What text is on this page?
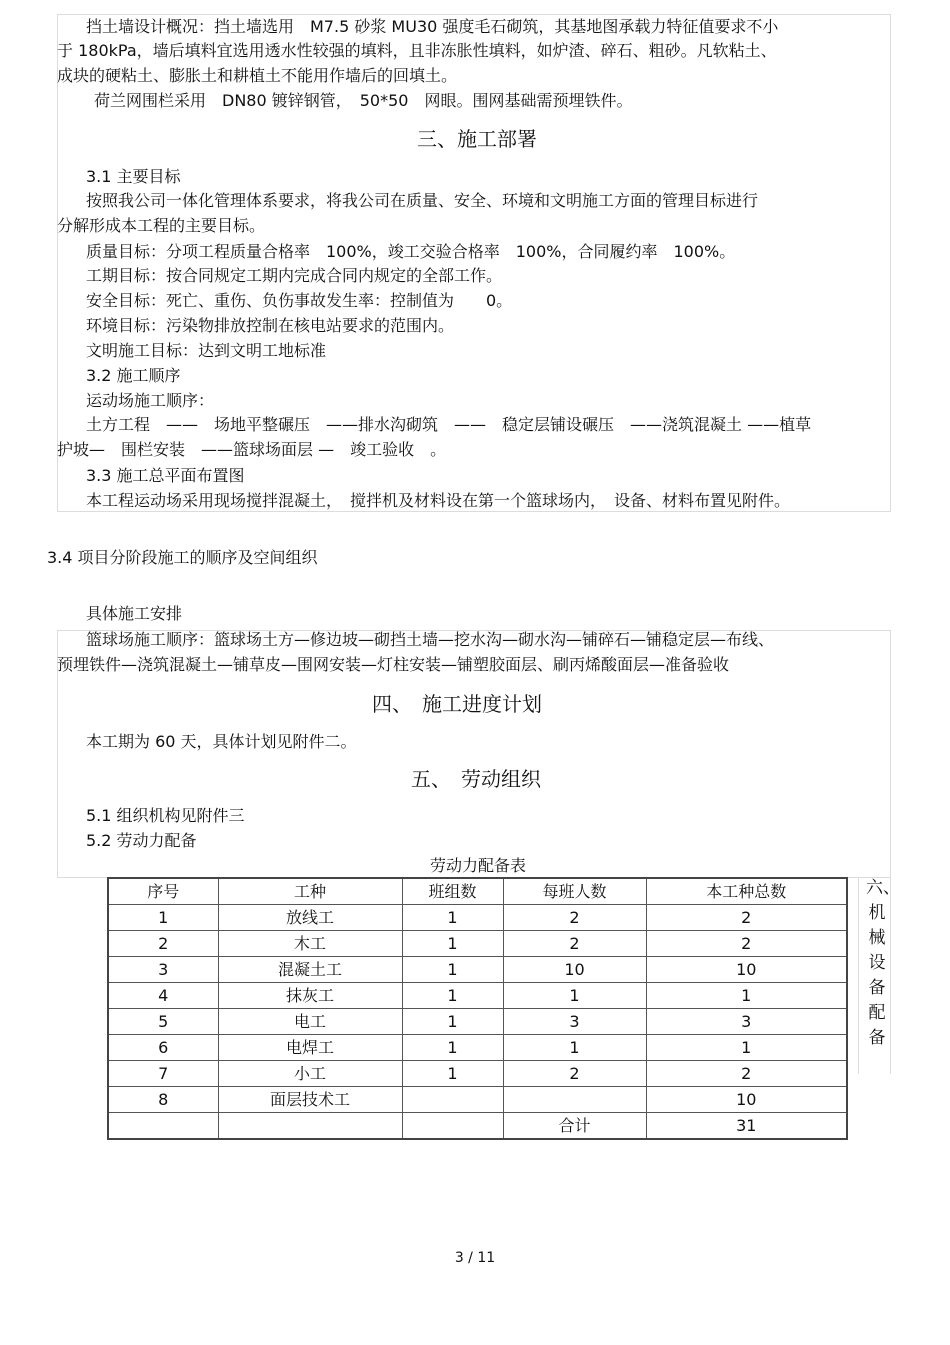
挡土墙设计概况：挡土墙选用　M7.5 砂浆 MU30 强度毛石砌筑，其基地图承载力特征值要求不小
于 180kPa，墙后填料宜选用透水性较强的填料，且非冻胀性填料，如炉渣、碎石、粗砂。凡软粘土、
成块的硬粘土、膨胀土和耕植土不能用作墙后的回填土。
荷兰网围栏采用　DN80 镀锌钢管，　50*50　网眼。围网基础需预埋铁件。
三、施工部署
3.1 主要目标
按照我公司一体化管理体系要求，将我公司在质量、安全、环境和文明施工方面的管理目标进行
分解形成本工程的主要目标。
质量目标：分项工程质量合格率　100%，竣工交验合格率　100%，合同履约率　100%。
工期目标：按合同规定工期内完成合同内规定的全部工作。
安全目标：死亡、重伤、负伤事故发生率：控制值为　　0。
环境目标：污染物排放控制在核电站要求的范围内。
文明施工目标：达到文明工地标准
3.2 施工顺序
运动场施工顺序：
土方工程　——　场地平整碾压　——排水沟砌筑　——　稳定层铺设碾压　——浇筑混凝土 ——植草
护坡—　围栏安装　——篮球场面层 —　竣工验收　。
3.3 施工总平面布置图
本工程运动场采用现场搅拌混凝土，　搅拌机及材料设在第一个篮球场内，　设备、材料布置见附件。
3.4 项目分阶段施工的顺序及空间组织
具体施工安排
篮球场施工顺序：篮球场土方—修边坡—砌挡土墙—挖水沟—砌水沟—铺碎石—铺稳定层—布线、
预埋铁件—浇筑混凝土—铺草皮—围网安装—灯柱安装—铺塑胶面层、刷丙烯酸面层—准备验收
四、　施工进度计划
本工期为 60 天，具体计划见附件二。
五、　劳动组织
5.1 组织机构见附件三
5.2 劳动力配备
劳动力配备表
序号	工种	班组数	每班人数	本工种总数
1	放线工	1	2	2
2	木工	1	2	2
3	混凝土工	1	10	10
4	抹灰工	1	1	1
5	电工	1	3	3
6	电焊工	1	1	1
7	小工	1	2	2
8	面层技术工			10
			合计	31
六、机械设备配备
3 / 11
